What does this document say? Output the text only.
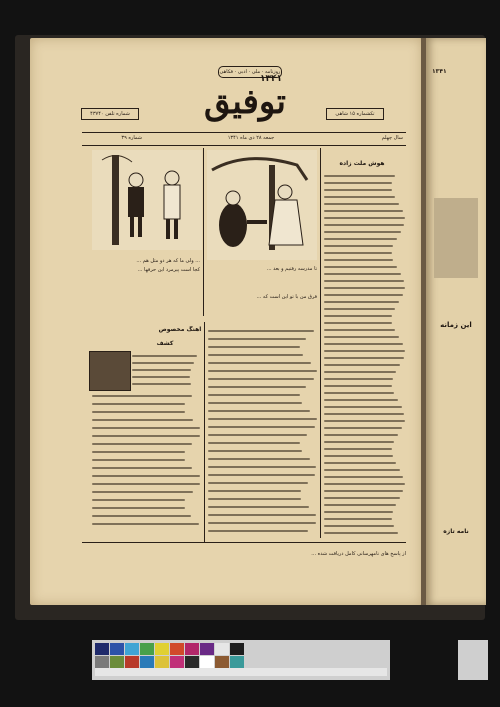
۱۳۴۱
این زمانه
نامه تازه
روزنامه · ملی · ادبی · فکاهی
توفیق
۱۳۴۱
شماره تلفن ۴۳۷۴۰	تکشماره ۱۵ شاهی
شماره ۳۹	جمعه ۲۸ دی ماه ۱۳۴۱	سال چهلم
... ولی ما که هر دو مثل هم ...
کجا است پیرمرد این حرفها ...	تا مدرسه رفتیم و بعد ...
فرق من با تو این است که ...
هوش ملت زاده
آهنگ مخصوص
کشف
از پاسخ های نامهرسانی کامل دریافت شده ...
